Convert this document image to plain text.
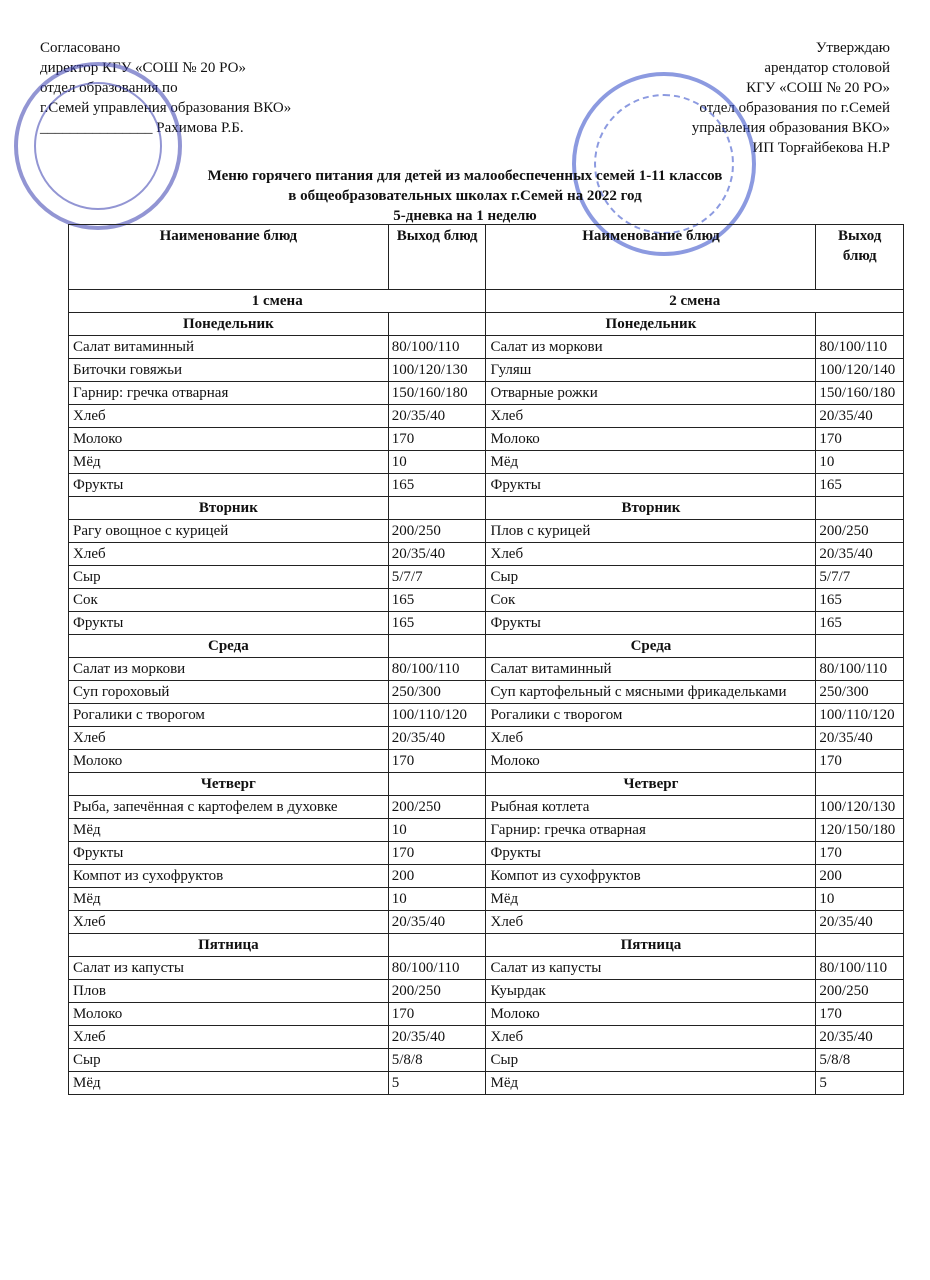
Согласовано
директор КГУ «СОШ № 20 РО»
отдел образования по
г.Семей управления образования ВКО»
_______________ Рахимова Р.Б.
Утверждаю
арендатор столовой
КГУ «СОШ № 20 РО»
отдел образования по г.Семей
управления образования ВКО»
ИП Торғайбекова Н.Р
Меню горячего питания для детей из малообеспеченных семей 1-11 классов
в общеобразовательных школах г.Семей на 2022 год
5-дневка на 1 неделю
Наименование блюд	Выход блюд	Наименование блюд	Выход блюд
1 смена		2 смена	
Понедельник		Понедельник	
Салат витаминный	80/100/110	Салат из моркови	80/100/110
Биточки говяжьи	100/120/130	Гуляш	100/120/140
Гарнир: гречка отварная	150/160/180	Отварные рожки	150/160/180
Хлеб	20/35/40	Хлеб	20/35/40
Молоко	170	Молоко	170
Мёд	10	Мёд	10
Фрукты	165	Фрукты	165
Вторник		Вторник	
Рагу овощное с курицей	200/250	Плов с курицей	200/250
Хлеб	20/35/40	Хлеб	20/35/40
Сыр	5/7/7	Сыр	5/7/7
Сок	165	Сок	165
Фрукты	165	Фрукты	165
Среда		Среда	
Салат из моркови	80/100/110	Салат витаминный	80/100/110
Суп гороховый	250/300	Суп картофельный с мясными фрикадельками	250/300
Рогалики с творогом	100/110/120	Рогалики с творогом	100/110/120
Хлеб	20/35/40	Хлеб	20/35/40
Молоко	170	Молоко	170
Четверг		Четверг	
Рыба, запечённая с картофелем в духовке	200/250	Рыбная котлета	100/120/130
Мёд	10	Гарнир: гречка отварная	120/150/180
Фрукты	170	Фрукты	170
Компот из сухофруктов	200	Компот из сухофруктов	200
Мёд	10	Мёд	10
Хлеб	20/35/40	Хлеб	20/35/40
Пятница		Пятница	
Салат из капусты	80/100/110	Салат из капусты	80/100/110
Плов	200/250	Куырдак	200/250
Молоко	170	Молоко	170
Хлеб	20/35/40	Хлеб	20/35/40
Сыр	5/8/8	Сыр	5/8/8
Мёд	5	Мёд	5
